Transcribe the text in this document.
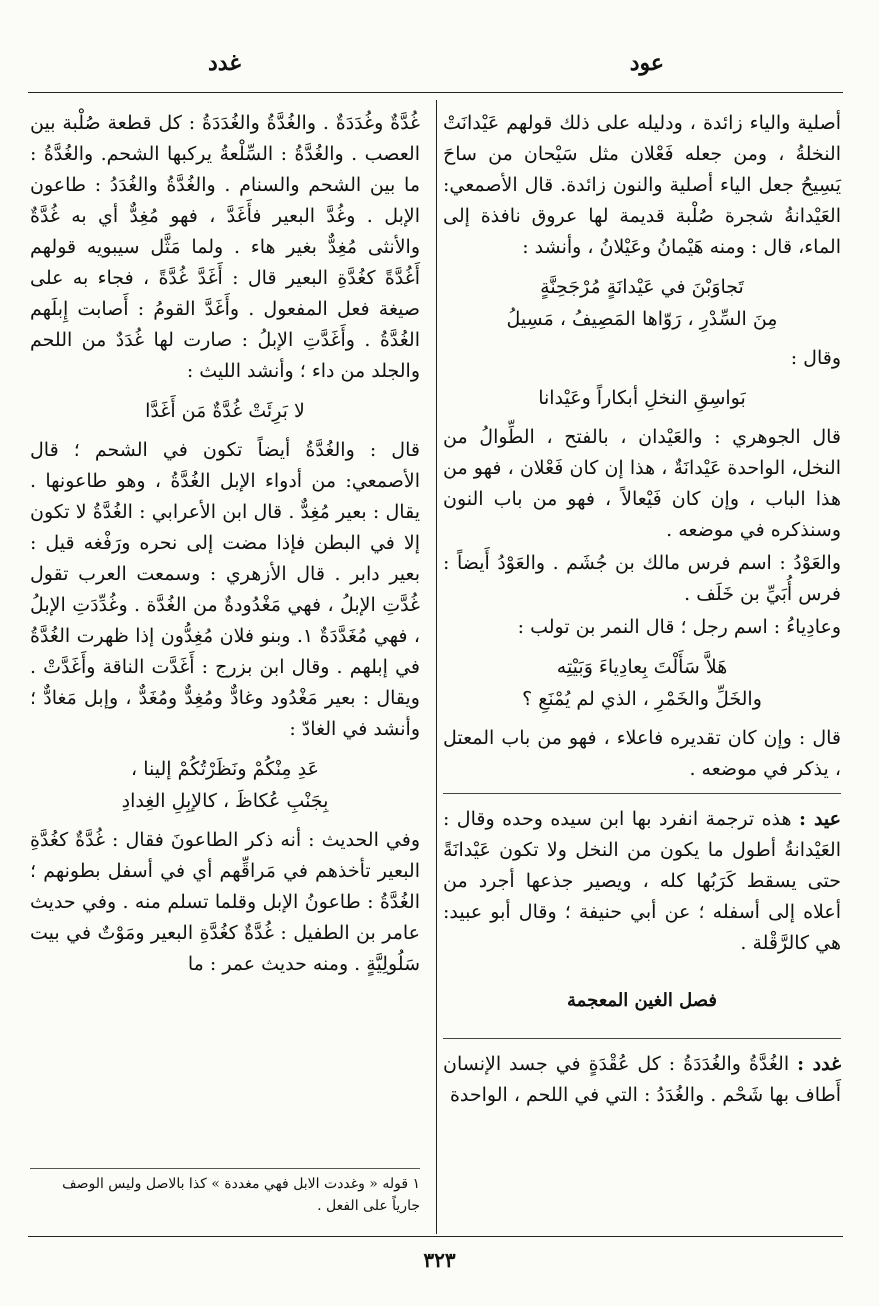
عود
غدد

أصلية والياء زائدة ، ودليله على ذلك قولهم عَيْدانَتْ النخلةُ ، ومن جعله فَعْلان مثل سَيْحان من ساحَ يَسِيحُ جعل الياء أصلية والنون زائدة. قال الأصمعي: العَيْدانةُ شجرة صُلْبة قديمة لها عروق نافذة إلى الماء، قال : ومنه هَيْمانُ وعَيْلانُ ، وأنشد :

تَجاوَبْنَ في عَيْدانَةٍ مُرْجَحِنَّةٍ
مِنَ السِّدْرِ ، رَوّاها المَصِيفُ ، مَسِيلُ

وقال :

بَواسِقِ النخلِ أبكاراً وعَيْدانا

قال الجوهري : والعَيْدان ، بالفتح ، الطِّوالُ من النخل، الواحدة عَيْدانَةٌ ، هذا إن كان فَعْلان ، فهو من هذا الباب ، وإن كان فَيْعالاً ، فهو من باب النون وسنذكره في موضعه .

والعَوْدُ : اسم فرس مالك بن جُشَم . والعَوْدُ أَيضاً : فرس أُبَيِّ بن خَلَف .

وعادِياءُ : اسم رجل ؛ قال النمر بن تولب :

هَلاَّ سَأَلْتَ بِعادِياءَ وَبَيْتِه
والخَلِّ والخَمْرِ ، الذي لم يُمْنَعِ ؟

قال : وإن كان تقديره فاعلاء ، فهو من باب المعتل ، يذكر في موضعه .

عيد : هذه ترجمة انفرد بها ابن سيده وحده وقال : العَيْدانةُ أطول ما يكون من النخل ولا تكون عَيْدانَةً حتى يسقط كَرَبُها كله ، ويصير جذعها أجرد من أعلاه إلى أسفله ؛ عن أبي حنيفة ؛ وقال أبو عبيد: هي كالرَّقْلة .

فصل الغين المعجمة

غدد : الغُدَّةُ والغُدَدَةُ : كل عُقْدَةٍ في جسد الإنسان أَطاف بها شَحْم . والغُدَدُ : التي في اللحم ، الواحدة

غُدَّةٌ وغُدَدَةٌ . والغُدَّةُ والغُدَدَةُ : كل قطعة صُلْبة بين العصب . والغُدَّةُ : السِّلْعةُ يركبها الشحم. والغُدَّةُ : ما بين الشحم والسنام . والغُدَّةُ والغُدَدُ : طاعون الإبل . وغُدَّ البعير فأَغَدَّ ، فهو مُغِدٌّ أي به غُدَّةٌ والأنثى مُغِدٌّ بغير هاء . ولما مَثَّل سيبويه قولهم أَغُدَّةً كغُدَّةِ البعير قال : أَغَدَّ غُدَّةً ، فجاء به على صيغة فعل المفعول . وأَغَدَّ القومُ : أَصابت إِبلَهم الغُدَّةُ . وأَغَدَّتِ الإبلُ : صارت لها غُدَدٌ من اللحم والجلد من داء ؛ وأنشد الليث :

لا بَرِئَتْ غُدَّةٌ مَن أَغَدَّا

قال : والغُدَّةُ أيضاً تكون في الشحم ؛ قال الأصمعي: من أدواء الإبل الغُدَّةُ ، وهو طاعونها . يقال : بعير مُغِدٌّ . قال ابن الأعرابي : الغُدَّةُ لا تكون إلا في البطن فإذا مضت إلى نحره ورَفْغه قيل : بعير دابر . قال الأزهري : وسمعت العرب تقول غُدَّتِ الإبلُ ، فهي مَغْدُودةٌ من الغُدَّة . وغُدِّدَتِ الإبلُ ، فهي مُغَدَّدَةٌ ١. وبنو فلان مُغِدُّون إذا ظهرت الغُدَّةُ في إبلهم . وقال ابن بزرج : أَغَدَّت الناقة وأَغَدَّتْ . ويقال : بعير مَغْدُود وغادٌّ ومُغِدٌّ ومُغَدٌّ ، وإبل مَغادٌّ ؛ وأنشد في الغادّ :

عَدِ مِنْكُمْ ونَظَرْتُكُمْ إلينا ،
بِجَنْبِ عُكاظَ ، كالإبِلِ الغِدادِ

وفي الحديث : أنه ذكر الطاعونَ فقال : غُدَّةٌ كغُدَّةِ البعير تأخذهم في مَراقِّهم أي في أسفل بطونهم ؛ الغُدَّةُ : طاعونُ الإبل وقلما تسلم منه . وفي حديث عامر بن الطفيل : غُدَّةٌ كغُدَّةِ البعير ومَوْتٌ في بيت سَلُولِيَّةٍ . ومنه حديث عمر : ما

١ قوله « وغددت الابل فهي مغددة » كذا بالاصل وليس الوصف جارياً على الفعل .
٣٢٣
